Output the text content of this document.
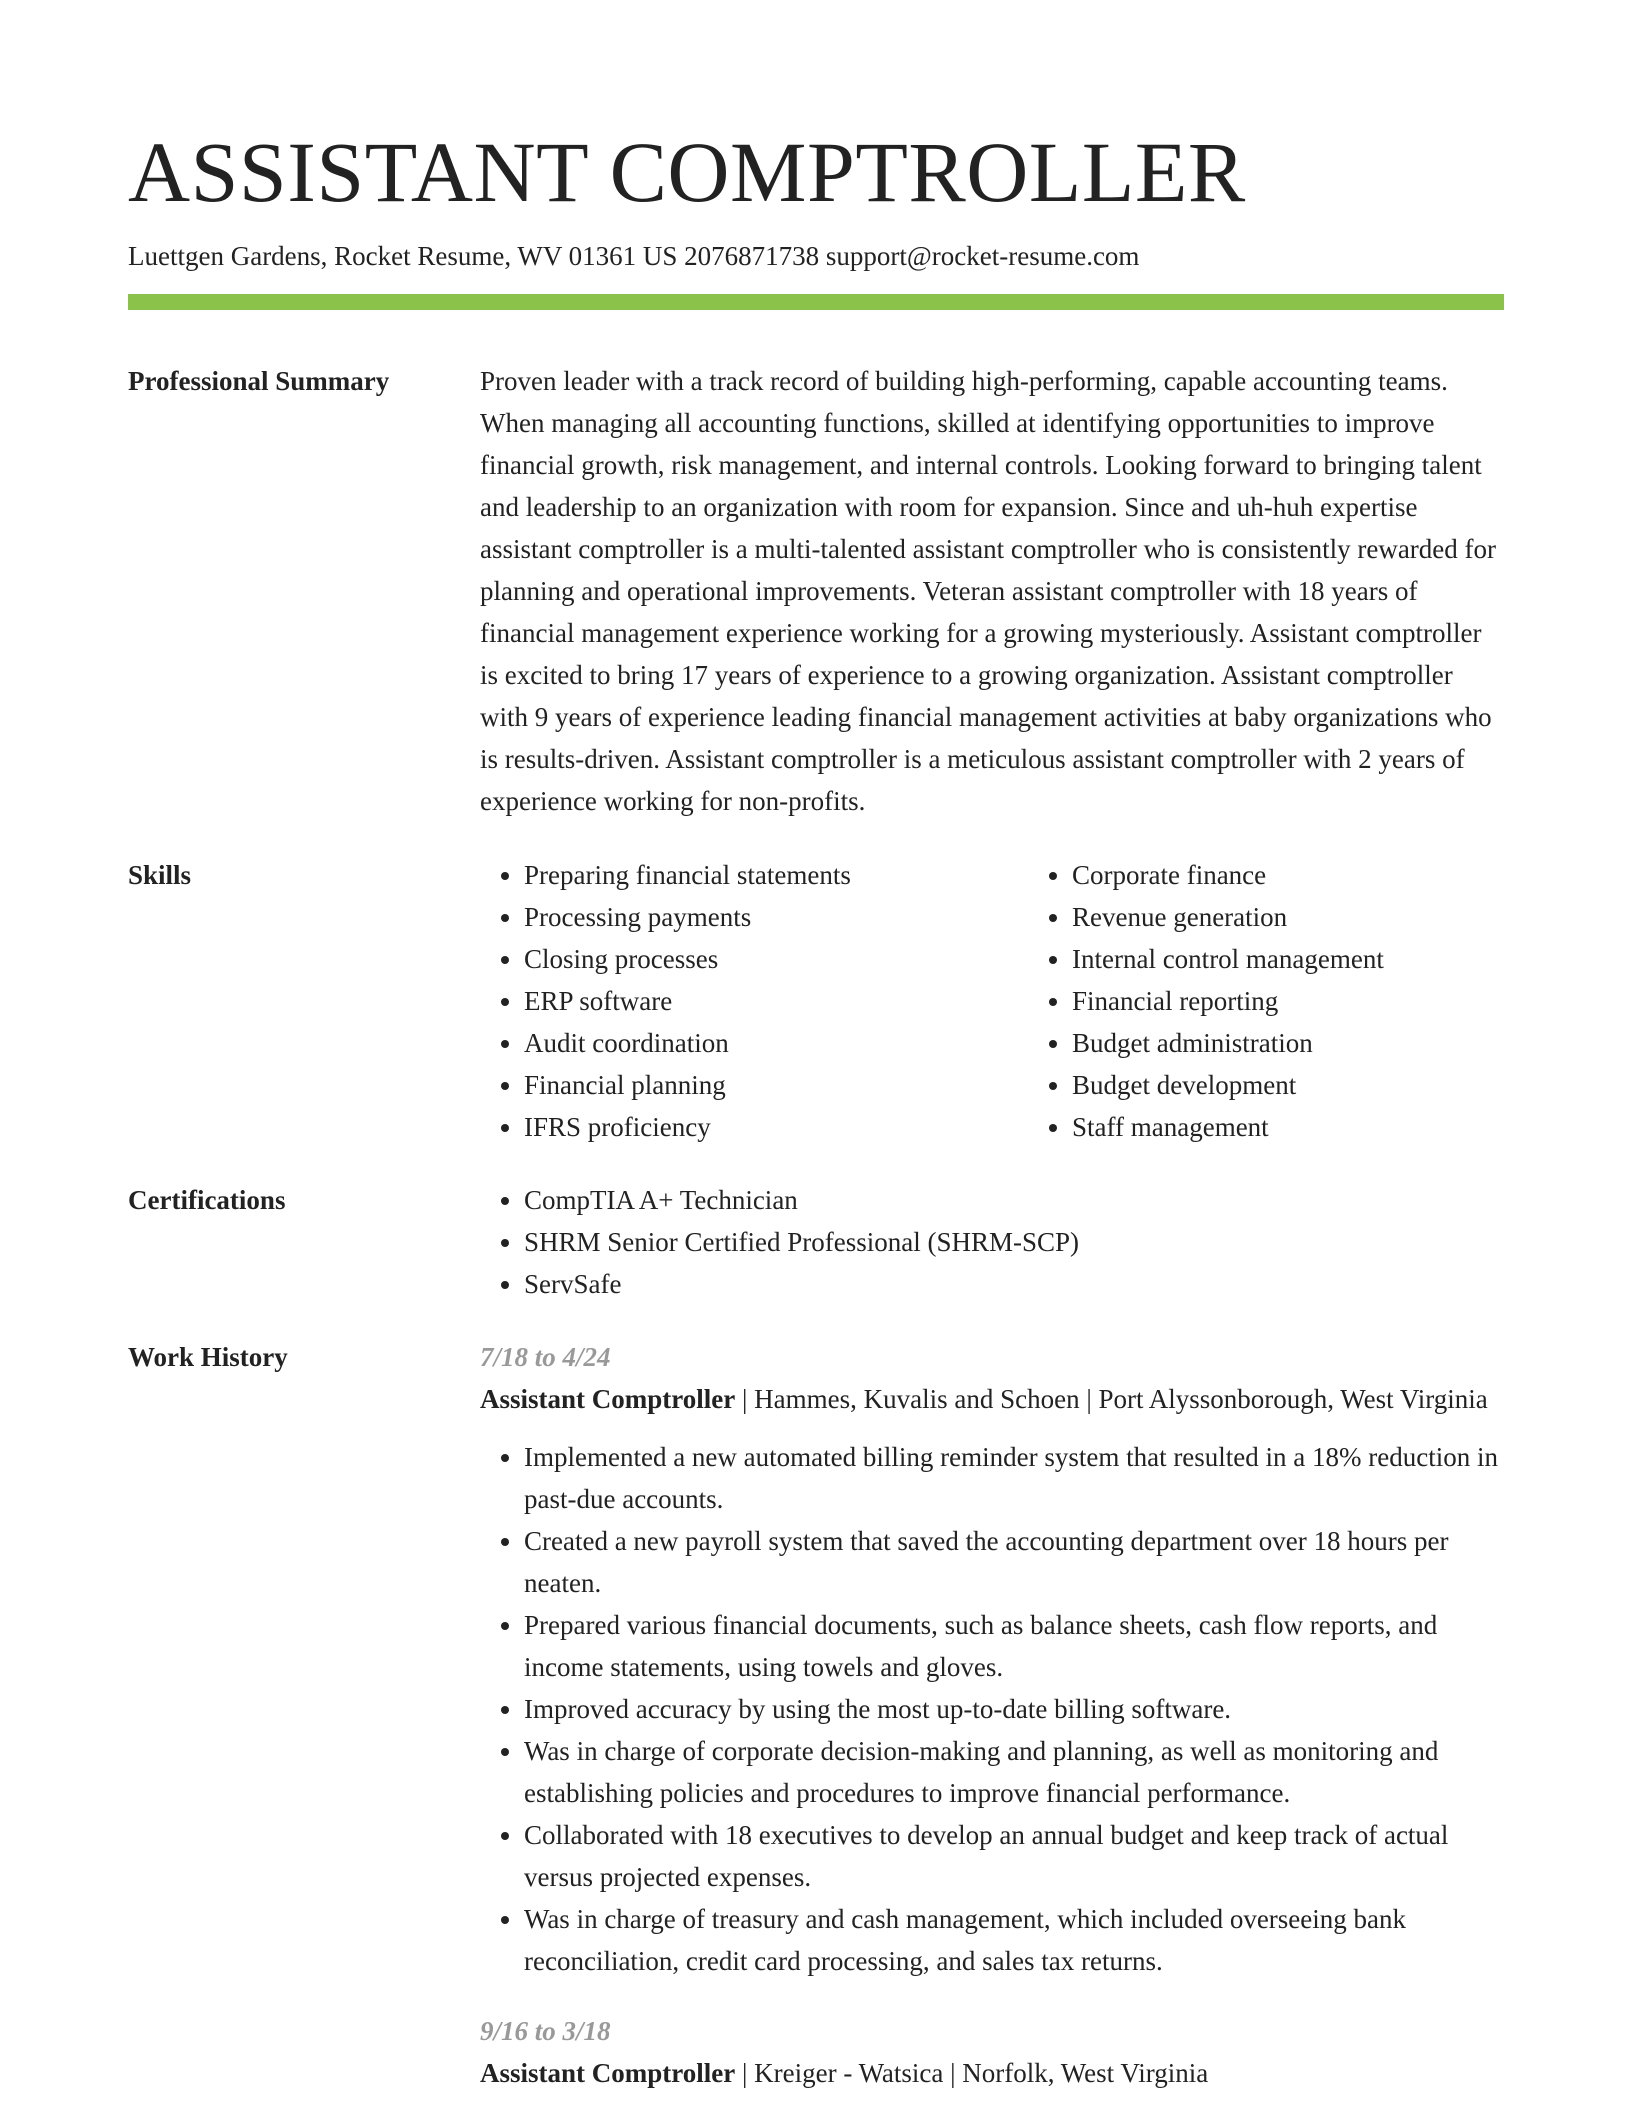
ASSISTANT COMPTROLLER
Luettgen Gardens, Rocket Resume, WV 01361 US 2076871738 support@rocket-resume.com
Professional Summary	Proven leader with a track record of building high-performing, capable accounting teams. When managing all accounting functions, skilled at identifying opportunities to improve financial growth, risk management, and internal controls. Looking forward to bringing talent and leadership to an organization with room for expansion. Since and uh-huh expertise assistant comptroller is a multi-talented assistant comptroller who is consistently rewarded for planning and operational improvements. Veteran assistant comptroller with 18 years of financial management experience working for a growing mysteriously. Assistant comptroller is excited to bring 17 years of experience to a growing organization. Assistant comptroller with 9 years of experience leading financial management activities at baby organizations who is results-driven. Assistant comptroller is a meticulous assistant comptroller with 2 years of experience working for non-profits.

Skills	• Preparing financial statements
• Processing payments
• Closing processes
• ERP software
• Audit coordination
• Financial planning
• IFRS proficiency
• Corporate finance
• Revenue generation
• Internal control management
• Financial reporting
• Budget administration
• Budget development
• Staff management
Certifications	• CompTIA A+ Technician
• SHRM Senior Certified Professional (SHRM-SCP)
• ServSafe
Work History	7/18 to 4/24
Assistant Comptroller | Hammes, Kuvalis and Schoen | Port Alyssonborough, West Virginia
• Implemented a new automated billing reminder system that resulted in a 18% reduction in past-due accounts.
• Created a new payroll system that saved the accounting department over 18 hours per neaten.
• Prepared various financial documents, such as balance sheets, cash flow reports, and income statements, using towels and gloves.
• Improved accuracy by using the most up-to-date billing software.
• Was in charge of corporate decision-making and planning, as well as monitoring and establishing policies and procedures to improve financial performance.
• Collaborated with 18 executives to develop an annual budget and keep track of actual versus projected expenses.
• Was in charge of treasury and cash management, which included overseeing bank reconciliation, credit card processing, and sales tax returns.
9/16 to 3/18
Assistant Comptroller | Kreiger - Watsica | Norfolk, West Virginia
